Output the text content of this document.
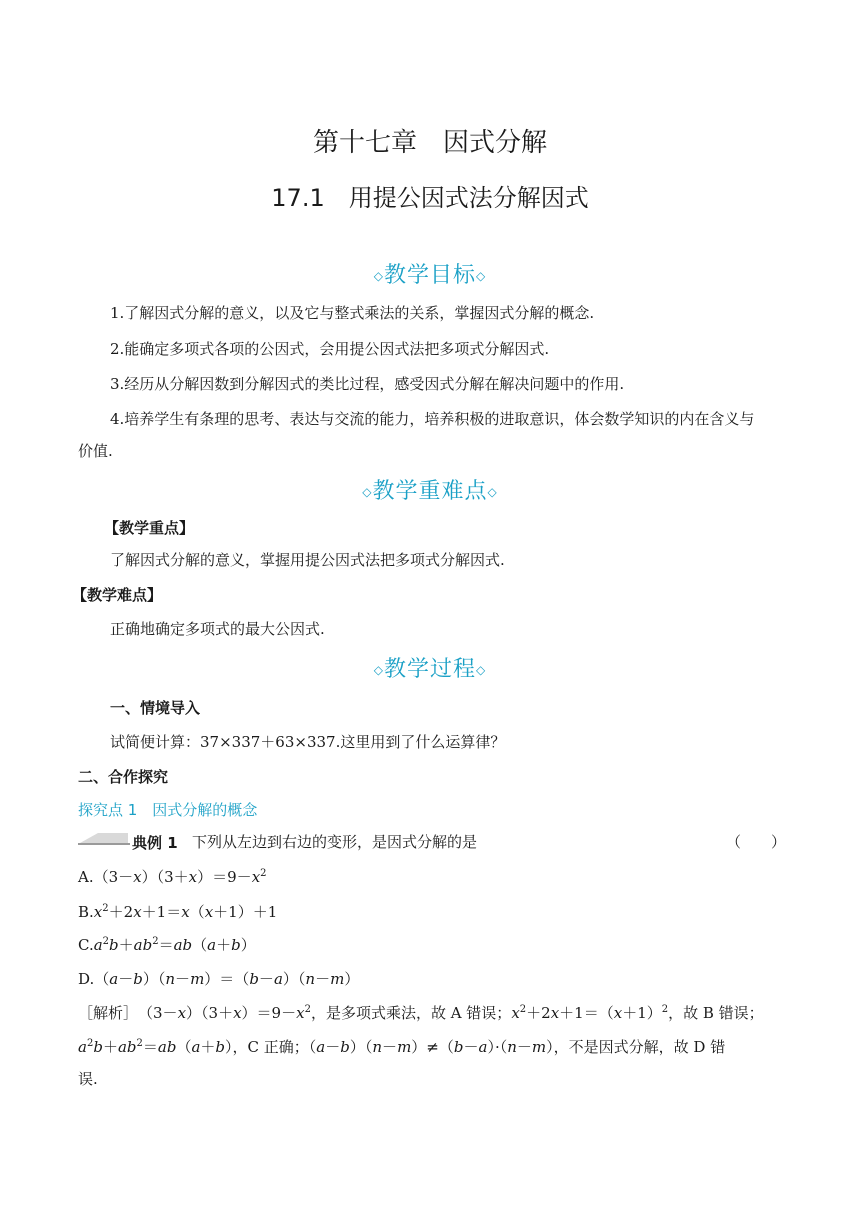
第十七章　因式分解
17.1　用提公因式法分解因式
◇教学目标◇
1.了解因式分解的意义，以及它与整式乘法的关系，掌握因式分解的概念.
2.能确定多项式各项的公因式，会用提公因式法把多项式分解因式.
3.经历从分解因数到分解因式的类比过程，感受因式分解在解决问题中的作用.
4.培养学生有条理的思考、表达与交流的能力，培养积极的进取意识，体会数学知识的内在含义与
价值.
◇教学重难点◇
【教学重点】
了解因式分解的意义，掌握用提公因式法把多项式分解因式.
【教学难点】
正确地确定多项式的最大公因式.
◇教学过程◇
一、情境导入
试简便计算：37×337＋63×337.这里用到了什么运算律？
二、合作探究
探究点 1　因式分解的概念
典例 1 下列从左边到右边的变形，是因式分解的是	（　　）
$A.(3-x)(3+x)=9-x^2$
$B.x^2+2x+1=x(x+1)+1$
$C.a^2b+ab^2=ab(a+b)$
D.（a－b）（n－m）＝（b－a）（n－m）
［解析］　$(3-x)(3+x)=9-x^2$，是多项式乘法，故 A 错误；$x^2+2x+1=(x+1)^2$，故 B 错误；
$a^2b+ab^2=ab(a+b)$，C 正确；（a－b）（n－m）≠（b－a）·（n－m），不是因式分解，故 D 错
误.
